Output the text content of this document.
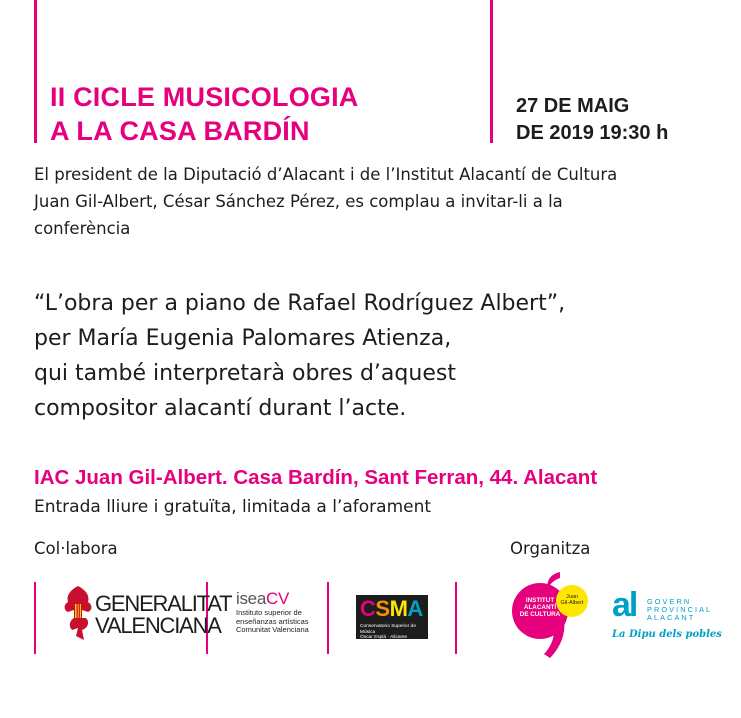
II CICLE MUSICOLOGIA
A LA CASA BARDÍN
27 DE MAIG
DE 2019 19:30 h
El president de la Diputació d’Alacant i de l’Institut Alacantí de Cultura
Juan Gil-Albert, César Sánchez Pérez, es complau a invitar-li a la
conferència
“L’obra per a piano de Rafael Rodríguez Albert”,
per María Eugenia Palomares Atienza,
qui també interpretarà obres d’aquest
compositor alacantí durant l’acte.
IAC Juan Gil-Albert. Casa Bardín, Sant Ferran, 44. Alacant
Entrada lliure i gratuïta, limitada a l’aforament
Col·labora	Organitza
GENERALITAT
VALENCIANA
iseaCV
Instituto superior de
enseñanzas artísticas
Comunitat Valenciana
CSMA
Conservatorio Superior de Música
Óscar Esplá · Alicante
INSTITUT
ALACANTÍ
DE CULTURA
Juan
Gil-Albert al GOVERN
PROVINCIAL
ALACANT
La Dipu dels pobles
